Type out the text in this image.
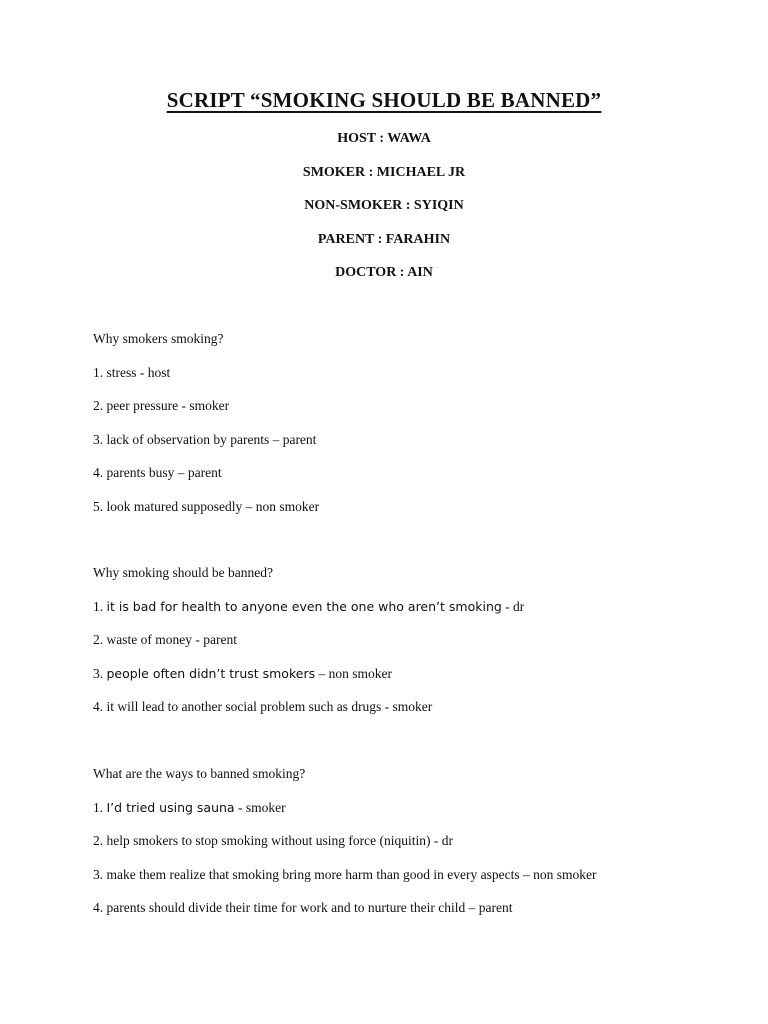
SCRIPT “SMOKING SHOULD BE BANNED”
HOST : WAWA
SMOKER : MICHAEL JR
NON-SMOKER : SYIQIN
PARENT : FARAHIN
DOCTOR : AIN
Why smokers smoking?
1. stress - host
2. peer pressure - smoker
3. lack of observation by parents – parent
4. parents busy – parent
5. look matured supposedly – non smoker
Why smoking should be banned?
1. it is bad for health to anyone even the one who aren’t smoking - dr
2. waste of money - parent
3. people often didn’t trust smokers – non smoker
4. it will lead to another social problem such as drugs - smoker
What are the ways to banned smoking?
1. I’d tried using sauna - smoker
2. help smokers to stop smoking without using force (niquitin) - dr
3. make them realize that smoking bring more harm than good in every aspects – non smoker
4. parents should divide their time for work and to nurture their child – parent
